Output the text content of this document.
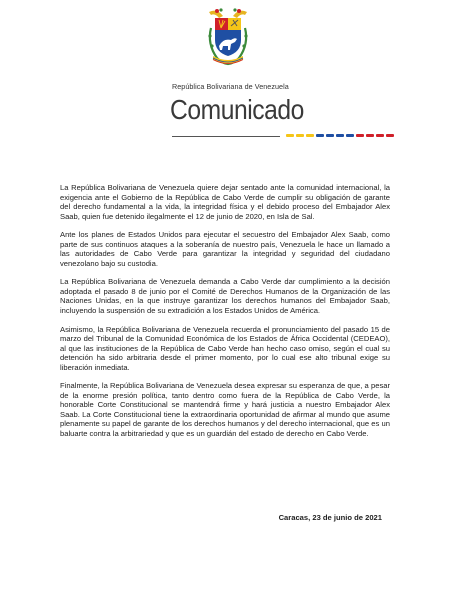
República Bolivariana de Venezuela
Comunicado

La República Bolivariana de Venezuela quiere dejar sentado ante la comunidad internacional, la exigencia ante el Gobierno de la República de Cabo Verde de cumplir su obligación de garante del derecho fundamental a la vida, la integridad física y el debido proceso del Embajador Alex Saab, quien fue detenido ilegalmente el 12 de junio de 2020, en Isla de Sal.

Ante los planes de Estados Unidos para ejecutar el secuestro del Embajador Alex Saab, como parte de sus continuos ataques a la soberanía de nuestro país, Venezuela le hace un llamado a las autoridades de Cabo Verde para garantizar la integridad y seguridad del ciudadano venezolano bajo su custodia.

La República Bolivariana de Venezuela demanda a Cabo Verde dar cumplimiento a la decisión adoptada el pasado 8 de junio por el Comité de Derechos Humanos de la Organización de las Naciones Unidas, en la que instruye garantizar los derechos humanos del Embajador Saab, incluyendo la suspensión de su extradición a los Estados Unidos de América.

Asimismo, la República Bolivariana de Venezuela recuerda el pronunciamiento del pasado 15 de marzo del Tribunal de la Comunidad Económica de los Estados de África Occidental (CEDEAO), al que las instituciones de la República de Cabo Verde han hecho caso omiso, según el cual su detención ha sido arbitraria desde el primer momento, por lo cual ese alto tribunal exige su liberación inmediata.

Finalmente, la República Bolivariana de Venezuela desea expresar su esperanza de que, a pesar de la enorme presión política, tanto dentro como fuera de la República de Cabo Verde, la honorable Corte Constitucional se mantendrá firme y hará justicia a nuestro Embajador Alex Saab. La Corte Constitucional tiene la extraordinaria oportunidad de afirmar al mundo que asume plenamente su papel de garante de los derechos humanos y del derecho internacional, que es un baluarte contra la arbitrariedad y que es un guardián del estado de derecho en Cabo Verde.

Caracas, 23 de junio de 2021
